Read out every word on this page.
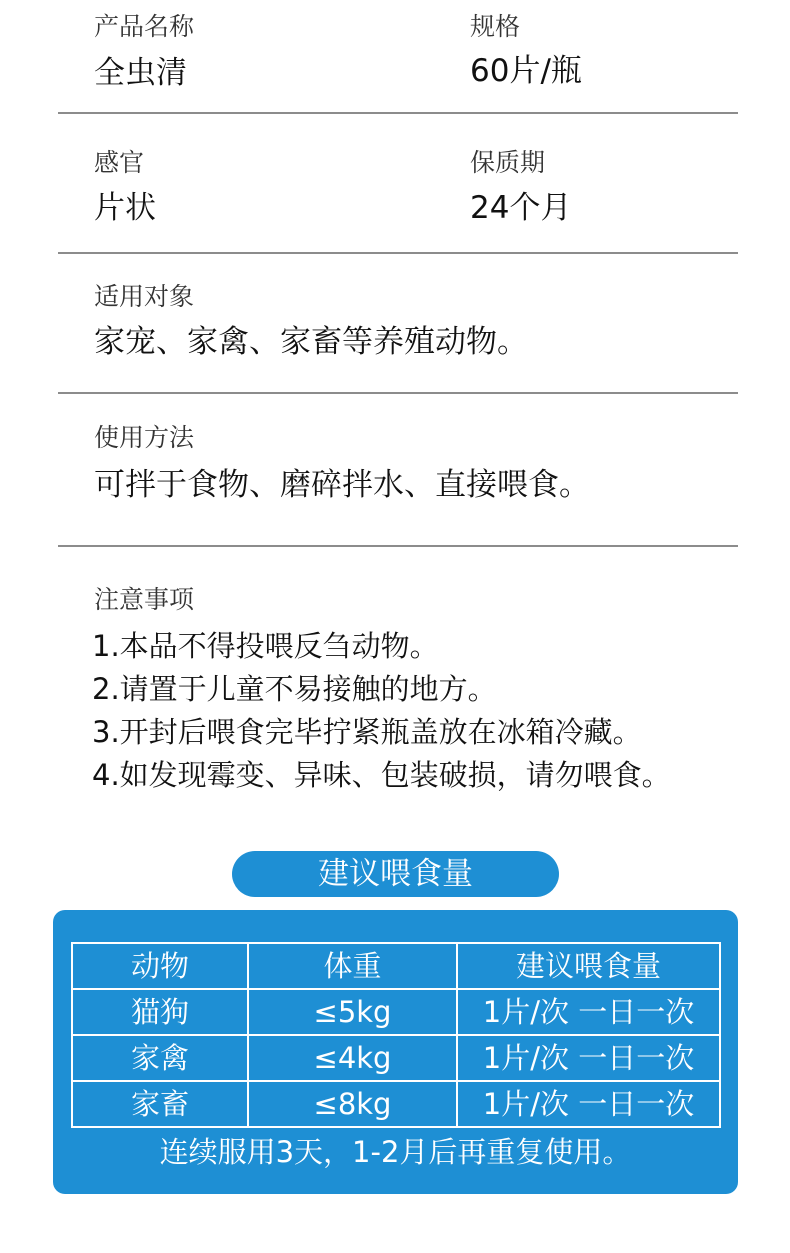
产品名称
全虫清
规格
60片/瓶
感官
片状
保质期
24个月
适用对象
家宠、家禽、家畜等养殖动物。
使用方法
可拌于食物、磨碎拌水、直接喂食。
注意事项
1.本品不得投喂反刍动物。
2.请置于儿童不易接触的地方。
3.开封后喂食完毕拧紧瓶盖放在冰箱冷藏。
4.如发现霉变、异味、包装破损，请勿喂食。
建议喂食量
动物	体重	建议喂食量
猫狗	≤5kg	1片/次 一日一次
家禽	≤4kg	1片/次 一日一次
家畜	≤8kg	1片/次 一日一次
连续服用3天，1-2月后再重复使用。
